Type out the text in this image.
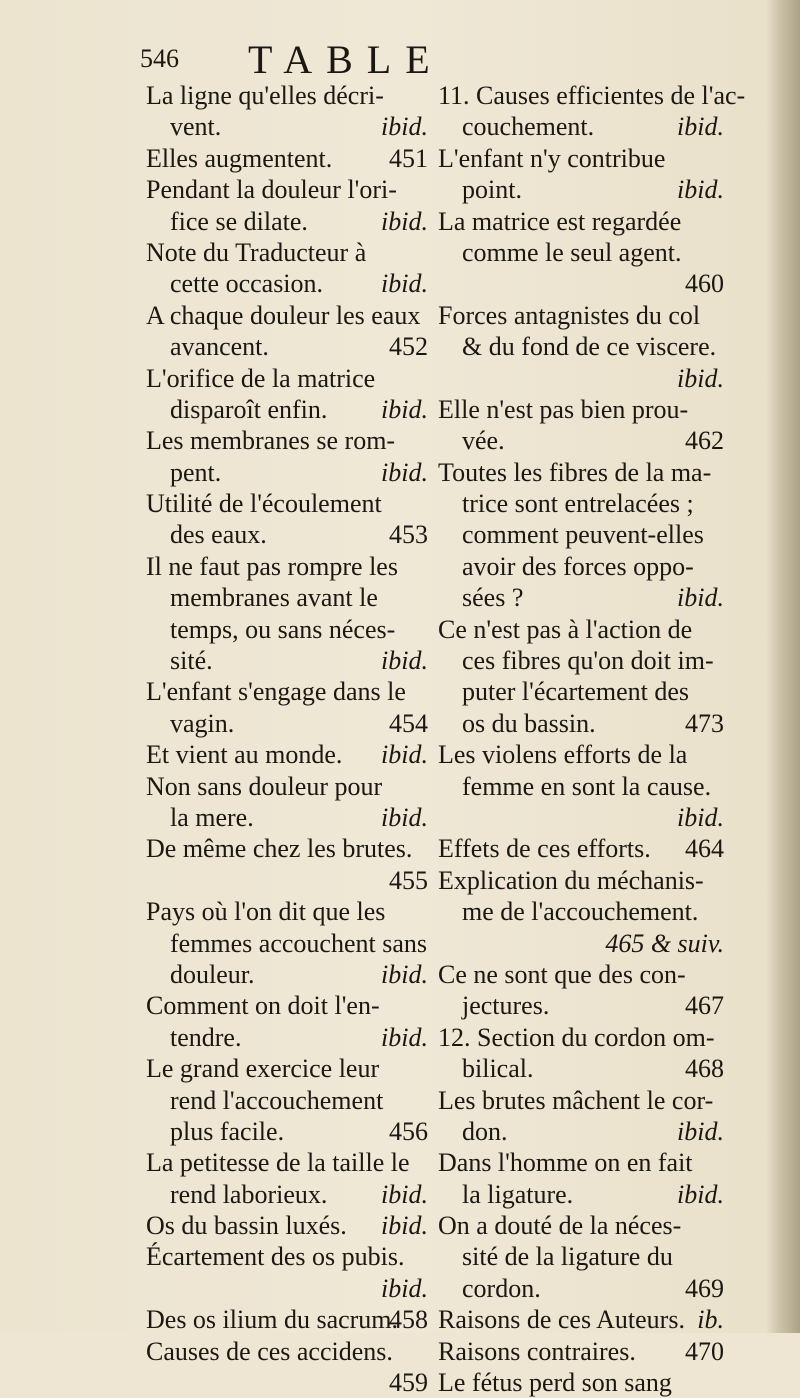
546 TABLE
La ligne qu'elles décri-
vent.	ibid.
Elles augmentent. 451
Pendant la douleur l'ori-
fice se dilate.	ibid.
Note du Traducteur à
cette occasion. ibid.
A chaque douleur les eaux
avancent.	452
L'orifice de la matrice
disparoît enfin. ibid.
Les membranes se rom-
pent.	ibid.
Utilité de l'écoulement
des eaux.	453
Il ne faut pas rompre les
membranes avant le
temps, ou sans néces-
sité.	ibid.
L'enfant s'engage dans le
vagin.	454
Et vient au monde. ibid.
Non sans douleur pour
la mere.	ibid.
De même chez les brutes.
455
Pays où l'on dit que les
femmes accouchent sans
douleur.	ibid.
Comment on doit l'en-
tendre.	ibid.
Le grand exercice leur
rend l'accouchement
plus facile.	456
La petitesse de la taille le
rend laborieux. ibid.
Os du bassin luxés. ibid.
Écartement des os pubis.
ibid.
Des os ilium du sacrum.
458
Causes de ces accidens.
459
11. Causes efficientes de l'ac-
couchement.	ibid.
L'enfant n'y contribue
point.	ibid.
La matrice est regardée
comme le seul agent.
460
Forces antagnistes du col
& du fond de ce viscere.
ibid.
Elle n'est pas bien prou-
vée.	462
Toutes les fibres de la ma-
trice sont entrelacées ;
comment peuvent-elles
avoir des forces oppo-
sées ?	ibid.
Ce n'est pas à l'action de
ces fibres qu'on doit im-
puter l'écartement des
os du bassin.	473
Les violens efforts de la
femme en sont la cause.
ibid.
Effets de ces efforts. 464
Explication du méchanis-
me de l'accouchement.
465 & suiv.
Ce ne sont que des con-
jectures.	467
12. Section du cordon om-
bilical.	468
Les brutes mâchent le cor-
don.	ibid.
Dans l'homme on en fait
la ligature.	ibid.
On a douté de la néces-
sité de la ligature du
cordon.	469
Raisons de ces Auteurs. ib.
Raisons contraires. 470
Le fétus perd son sang
